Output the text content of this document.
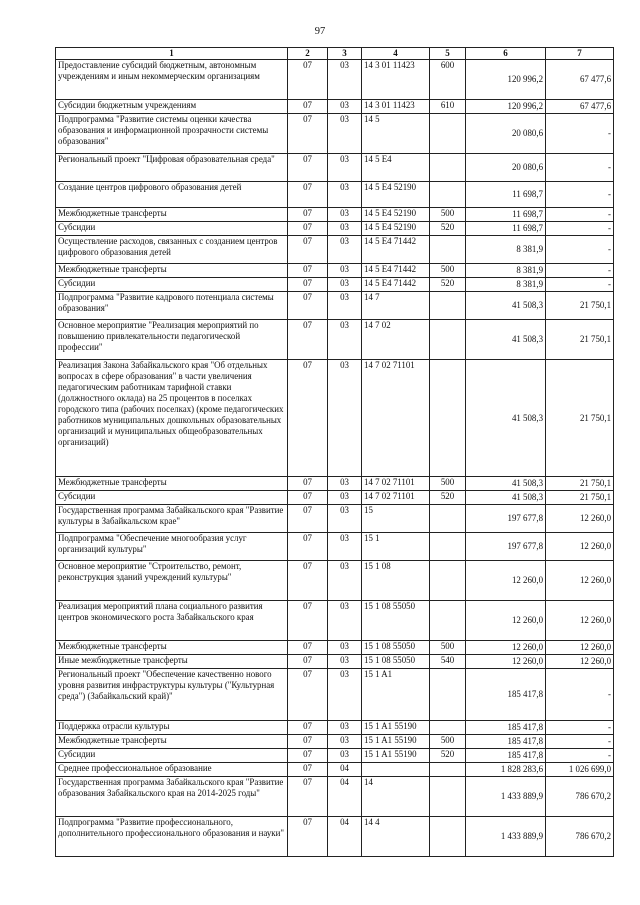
97
1	2	3	4	5	6	7
Предоставление субсидий бюджетным, автономным учреждениям и иным некоммерческим организациям	07	03	14 3 01 11423	600	120 996,2	67 477,6
Субсидии бюджетным учреждениям	07	03	14 3 01 11423	610	120 996,2	67 477,6
Подпрограмма "Развитие системы оценки качества образования и информационной прозрачности системы образования"	07	03	14 5		20 080,6	-
Региональный проект "Цифровая образовательная среда"	07	03	14 5 E4		20 080,6	-
Создание центров цифрового образования детей	07	03	14 5 E4 52190		11 698,7	-
Межбюджетные трансферты	07	03	14 5 E4 52190	500	11 698,7	-
Субсидии	07	03	14 5 E4 52190	520	11 698,7	-
Осуществление расходов, связанных с созданием центров цифрового образования детей	07	03	14 5 E4 71442		8 381,9	-
Межбюджетные трансферты	07	03	14 5 E4 71442	500	8 381,9	-
Субсидии	07	03	14 5 E4 71442	520	8 381,9	-
Подпрограмма "Развитие кадрового потенциала системы образования"	07	03	14 7		41 508,3	21 750,1
Основное мероприятие "Реализация мероприятий по повышению привлекательности педагогической профессии"	07	03	14 7 02		41 508,3	21 750,1
Реализация Закона Забайкальского края "Об отдельных вопросах в сфере образования" в части увеличения педагогическим работникам тарифной ставки (должностного оклада) на 25 процентов в поселках городского типа (рабочих поселках) (кроме педагогических работников муниципальных дошкольных образовательных организаций и муниципальных общеобразовательных организаций)	07	03	14 7 02 71101		41 508,3	21 750,1
Межбюджетные трансферты	07	03	14 7 02 71101	500	41 508,3	21 750,1
Субсидии	07	03	14 7 02 71101	520	41 508,3	21 750,1
Государственная программа Забайкальского края "Развитие культуры в Забайкальском крае"	07	03	15		197 677,8	12 260,0
Подпрограмма "Обеспечение многообразия услуг организаций культуры"	07	03	15 1		197 677,8	12 260,0
Основное мероприятие "Строительство, ремонт, реконструкция зданий учреждений культуры"	07	03	15 1 08		12 260,0	12 260,0
Реализация мероприятий плана социального развития центров экономического роста Забайкальского края	07	03	15 1 08 55050		12 260,0	12 260,0
Межбюджетные трансферты	07	03	15 1 08 55050	500	12 260,0	12 260,0
Иные межбюджетные трансферты	07	03	15 1 08 55050	540	12 260,0	12 260,0
Региональный проект "Обеспечение качественно нового уровня развития инфраструктуры культуры ("Культурная среда") (Забайкальский край)"	07	03	15 1 A1		185 417,8	-
Поддержка отрасли культуры	07	03	15 1 A1 55190		185 417,8	-
Межбюджетные трансферты	07	03	15 1 A1 55190	500	185 417,8	-
Субсидии	07	03	15 1 A1 55190	520	185 417,8	-
Среднее профессиональное образование	07	04			1 828 283,6	1 026 699,0
Государственная программа Забайкальского края "Развитие образования Забайкальского края на 2014-2025 годы"	07	04	14		1 433 889,9	786 670,2
Подпрограмма "Развитие профессионального, дополнительного профессионального образования и науки"	07	04	14 4		1 433 889,9	786 670,2
